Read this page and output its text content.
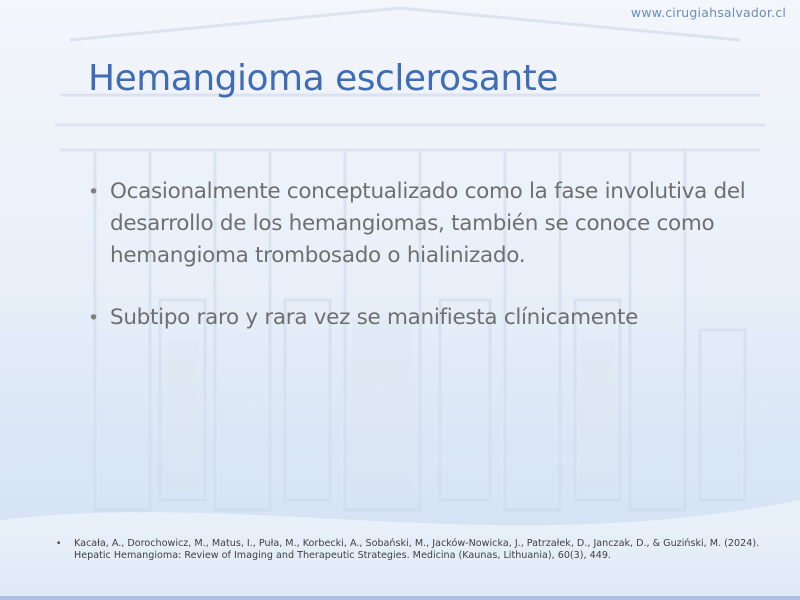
www.cirugiahsalvador.cl
Hemangioma esclerosante
• Ocasionalmente conceptualizado como la fase involutiva del desarrollo de los hemangiomas, también se conoce como hemangioma trombosado o hialinizado.
• Subtipo raro y rara vez se manifiesta clínicamente
• Kacała, A., Dorochowicz, M., Matus, I., Puła, M., Korbecki, A., Sobański, M., Jacków-Nowicka, J., Patrzałek, D., Janczak, D., & Guziński, M. (2024). Hepatic Hemangioma: Review of Imaging and Therapeutic Strategies. Medicina (Kaunas, Lithuania), 60(3), 449.
